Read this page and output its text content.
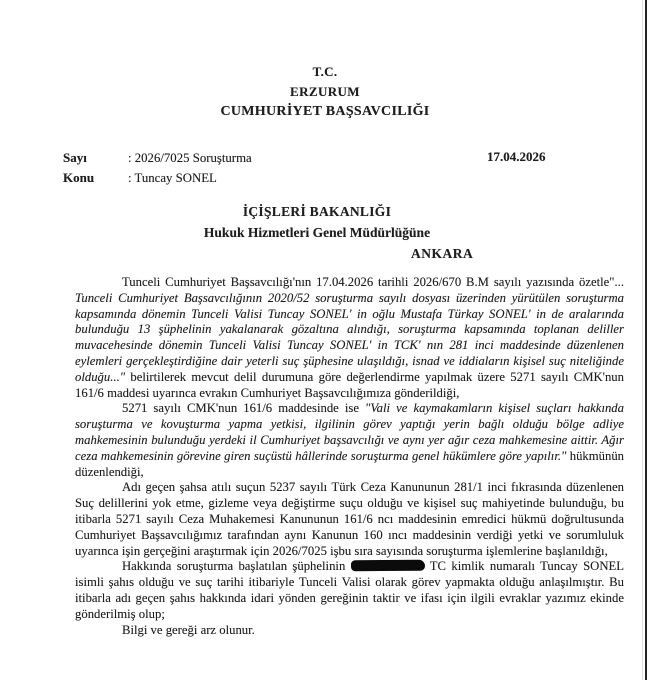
T.C.
ERZURUM
CUMHURİYET BAŞSAVCILIĞI
Sayı	: 2026/7025 Soruşturma
Konu	: Tuncay SONEL
17.04.2026
İÇİŞLERİ BAKANLIĞI
Hukuk Hizmetleri Genel Müdürlüğüne
ANKARA

Tunceli Cumhuriyet Başsavcılığı'nın 17.04.2026 tarihli 2026/670 B.M sayılı yazısında özetle"... Tunceli Cumhuriyet Başsavcılığının 2020/52 soruşturma sayılı dosyası üzerinden yürütülen soruşturma kapsamında dönemin Tunceli Valisi Tuncay SONEL' in oğlu Mustafa Türkay SONEL' in de aralarında bulunduğu 13 şüphelinin yakalanarak gözaltına alındığı, soruşturma kapsamında toplanan deliller muvacehesinde dönemin Tunceli Valisi Tuncay SONEL' in TCK' nın 281 inci maddesinde düzenlenen eylemleri gerçekleştirdiğine dair yeterli suç şüphesine ulaşıldığı, isnad ve iddiaların kişisel suç niteliğinde olduğu..." belirtilerek mevcut delil durumuna göre değerlendirme yapılmak üzere 5271 sayılı CMK'nun 161/6 maddesi uyarınca evrakın Cumhuriyet Başsavcılığımıza gönderildiği,

5271 sayılı CMK'nun 161/6 maddesinde ise "Vali ve kaymakamların kişisel suçları hakkında soruşturma ve kovuşturma yapma yetkisi, ilgilinin görev yaptığı yerin bağlı olduğu bölge adliye mahkemesinin bulunduğu yerdeki il Cumhuriyet başsavcılığı ve aynı yer ağır ceza mahkemesine aittir. Ağır ceza mahkemesinin görevine giren suçüstü hâllerinde soruşturma genel hükümlere göre yapılır." hükmünün düzenlendiği,

Adı geçen şahsa atılı suçun 5237 sayılı Türk Ceza Kanununun 281/1 inci fıkrasında düzenlenen Suç delillerini yok etme, gizleme veya değiştirme suçu olduğu ve kişisel suç mahiyetinde bulunduğu, bu itibarla 5271 sayılı Ceza Muhakemesi Kanununun 161/6 ncı maddesinin emredici hükmü doğrultusunda Cumhuriyet Başsavcılığımız tarafından aynı Kanunun 160 ıncı maddesinin verdiği yetki ve sorumluluk uyarınca işin gerçeğini araştırmak için 2026/7025 işbu sıra sayısında soruşturma işlemlerine başlanıldığı,

Hakkında soruşturma başlatılan şüphelinin	TC kimlik numaralı Tuncay SONEL isimli şahıs olduğu ve suç tarihi itibariyle Tunceli Valisi olarak görev yapmakta olduğu anlaşılmıştır. Bu itibarla adı geçen şahıs hakkında idari yönden gereğinin taktir ve ifası için ilgili evraklar yazımız ekinde gönderilmiş olup;

Bilgi ve gereği arz olunur.
